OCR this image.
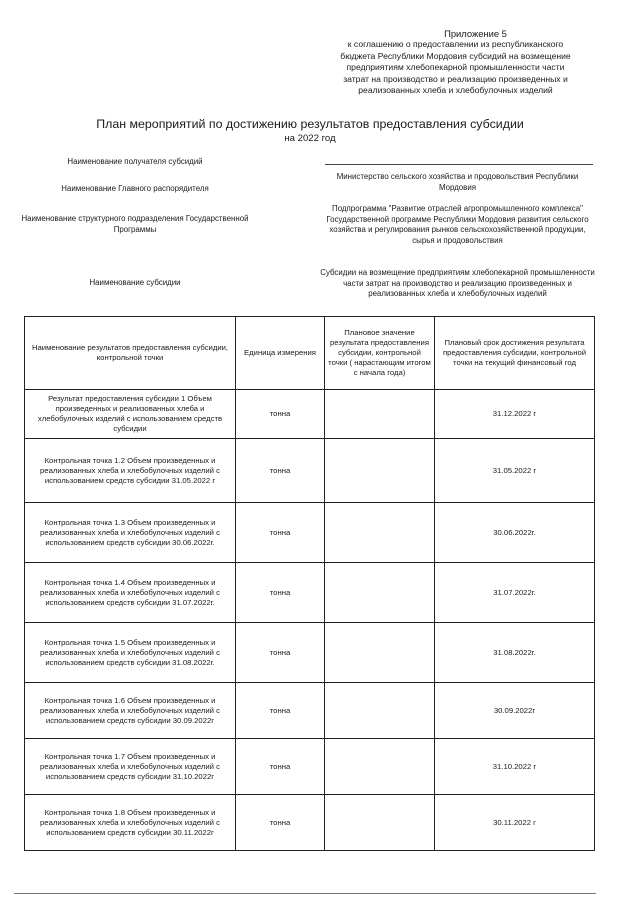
Приложение 5
к соглашению о предоставлении из республиканского
бюджета Республики Мордовия субсидий на возмещение
предприятиям хлебопекарной промышленности части
затрат на производство и реализацию произведенных и
реализованных хлеба и хлебобулочных изделий
План мероприятий по достижению результатов предоставления субсидии
на 2022 год
Наименование получателя субсидий
Наименование Главного распорядителя
Министерство сельского хозяйства и продовольствия Республики Мордовия
Наименование структурного подразделения Государственной Программы
Подпрограмма "Развитие отраслей агропромышленного комплекса" Государственной программе Республики Мордовия развития сельского хозяйства и регулирования рынков сельскохозяйственной продукции, сырья и продовольствия
Наименование субсидии
Субсидии на возмещение предприятиям хлебопекарной промышленности части затрат на производство и реализацию произведенных и реализованных хлеба и хлебобулочных изделий
Наименование результатов предоставления субсидии, контрольной точки	Единица измерения	Плановое значение результата предоставления субсидии, контрольной точки ( нарастающим итогом с начала года)	Плановый срок достижения результата предоставления субсидии, контрольной точки на текущий финансовый год
Результат предоставления субсидии 1 Объем произведенных и реализованных хлеба и хлебобулочных изделий с использованием средств субсидии	тонна		31.12.2022 г
Контрольная точка 1.2 Объем произведенных и реализованных хлеба и хлебобулочных изделий с использованием средств субсидии 31.05.2022 г	тонна		31.05.2022 г
Контрольная точка 1.3 Объем произведенных и реализованных хлеба и хлебобулочных изделий с использованием средств субсидии 30.06.2022г.	тонна		30.06.2022г.
Контрольная точка 1.4 Объем произведенных и реализованных хлеба и хлебобулочных изделий с использованием средств субсидии 31.07.2022г.	тонна		31.07.2022г.
Контрольная точка 1.5 Объем произведенных и реализованных хлеба и хлебобулочных изделий с использованием средств субсидии 31.08.2022г.	тонна		31.08.2022г.
Контрольная точка 1.6 Объем произведенных и реализованных хлеба и хлебобулочных изделий с использованием средств субсидии 30.09.2022г	тонна		30.09.2022г
Контрольная точка 1.7 Объем произведенных и реализованных хлеба и хлебобулочных изделий с использованием средств субсидии 31.10.2022г	тонна		31.10.2022 г
Контрольная точка 1.8 Объем произведенных и реализованных хлеба и хлебобулочных изделий с использованием средств субсидии 30.11.2022г	тонна		30.11.2022 г
